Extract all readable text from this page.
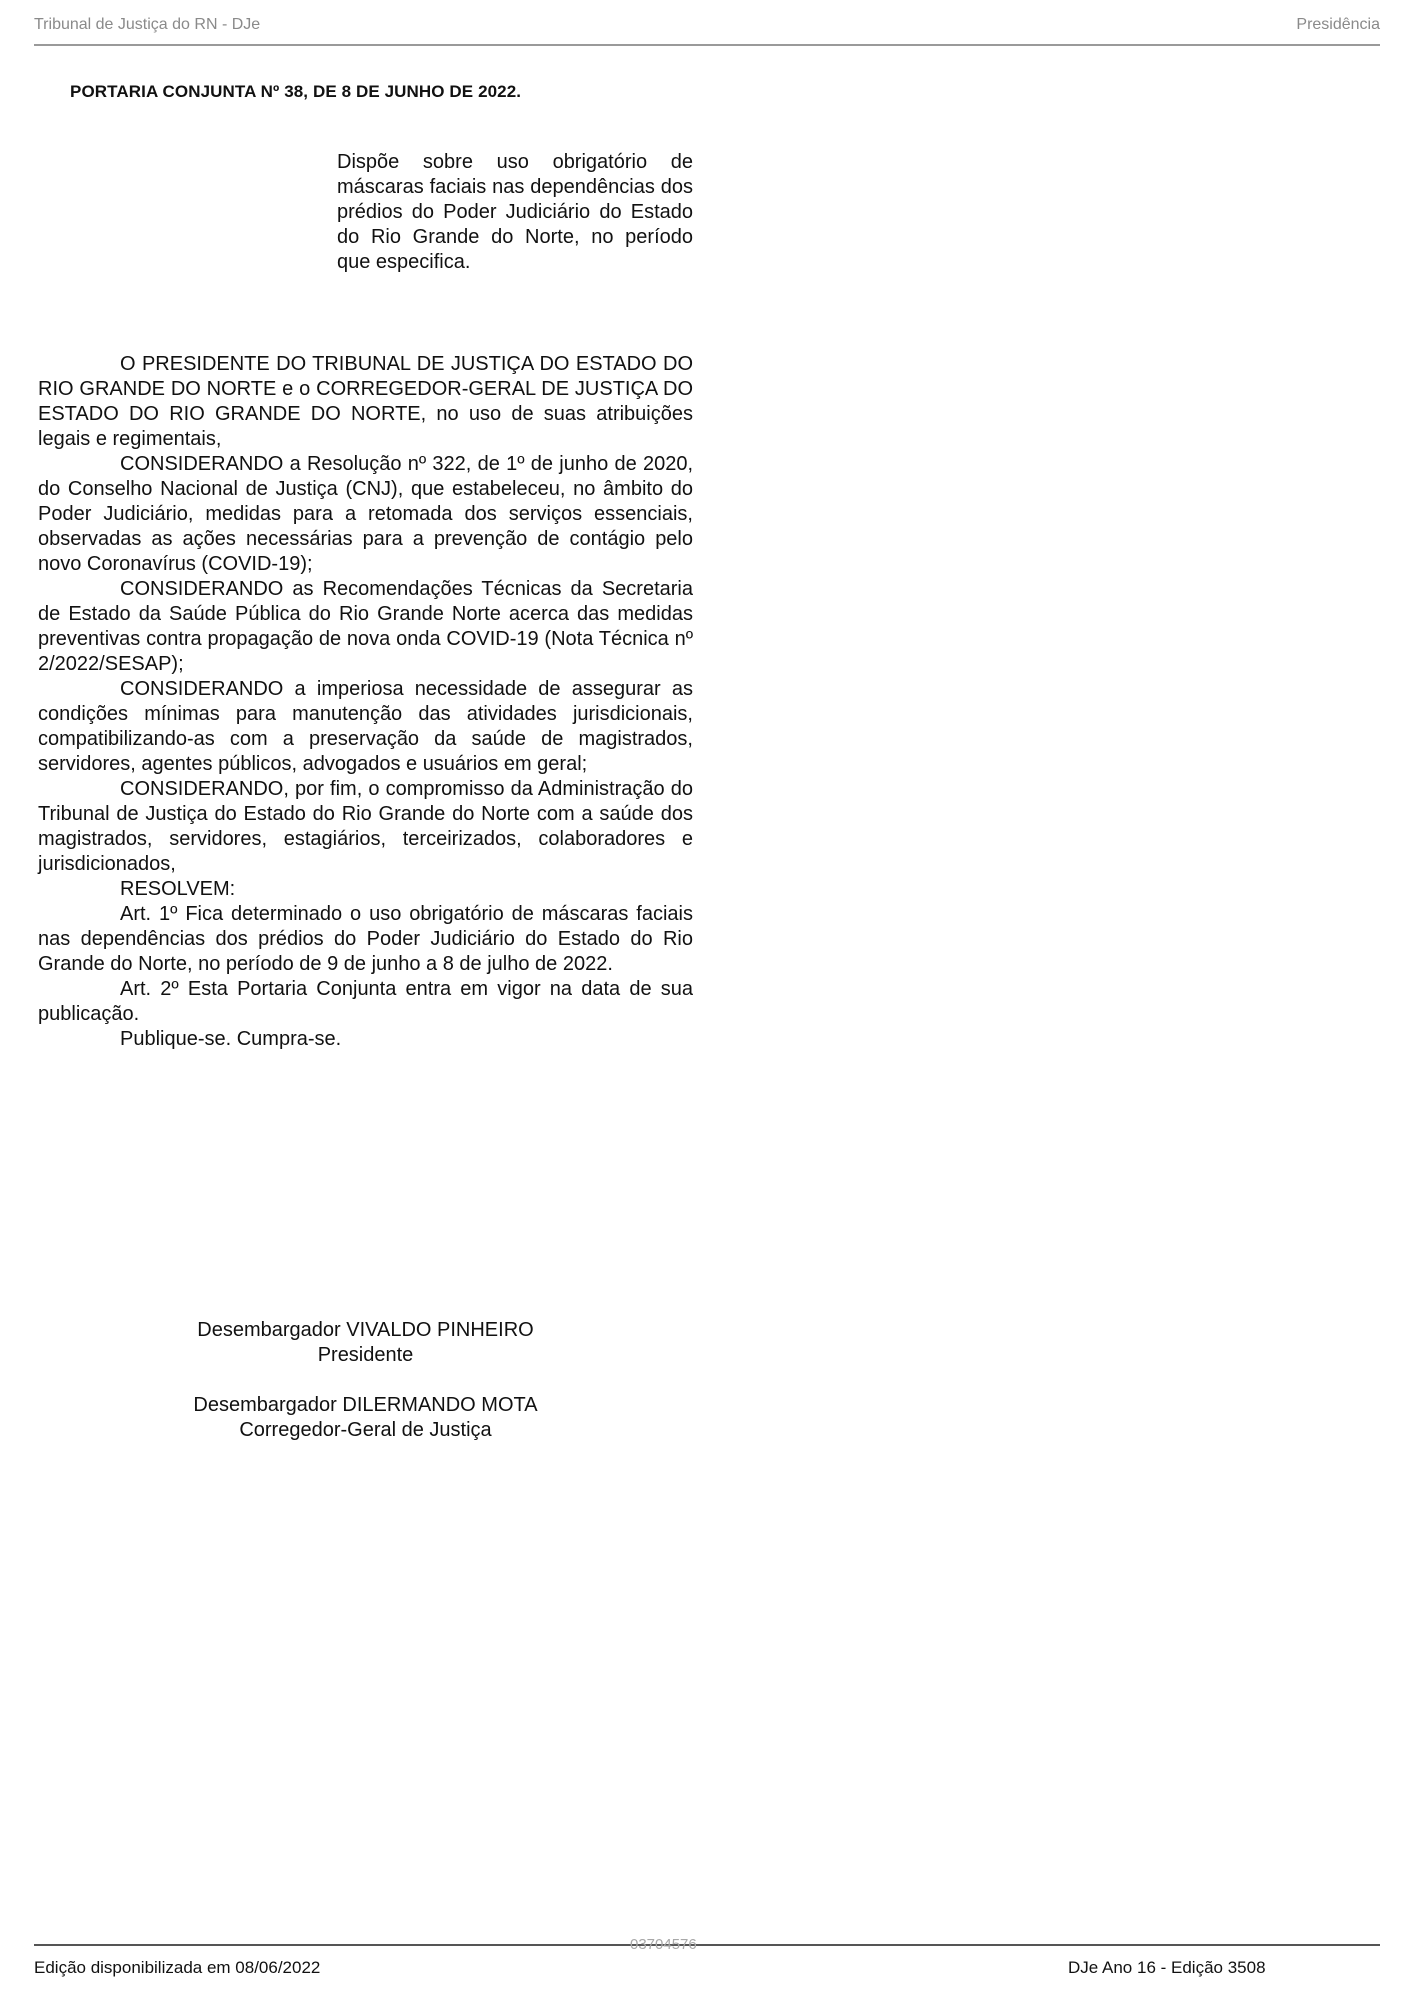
Tribunal de Justiça do RN - DJe	Presidência
PORTARIA CONJUNTA Nº 38, DE 8 DE JUNHO DE 2022.
Dispõe sobre uso obrigatório de máscaras faciais nas dependências dos prédios do Poder Judiciário do Estado do Rio Grande do Norte, no período que especifica.

O PRESIDENTE DO TRIBUNAL DE JUSTIÇA DO ESTADO DO RIO GRANDE DO NORTE e o CORREGEDOR-GERAL DE JUSTIÇA DO ESTADO DO RIO GRANDE DO NORTE, no uso de suas atribuições legais e regimentais,

CONSIDERANDO a Resolução nº 322, de 1º de junho de 2020, do Conselho Nacional de Justiça (CNJ), que estabeleceu, no âmbito do Poder Judiciário, medidas para a retomada dos serviços essenciais, observadas as ações necessárias para a prevenção de contágio pelo novo Coronavírus (COVID-19);

CONSIDERANDO as Recomendações Técnicas da Secretaria de Estado da Saúde Pública do Rio Grande Norte acerca das medidas preventivas contra propagação de nova onda COVID-19 (Nota Técnica nº 2/2022/SESAP);

CONSIDERANDO a imperiosa necessidade de assegurar as condições mínimas para manutenção das atividades jurisdicionais, compatibilizando-as com a preservação da saúde de magistrados, servidores, agentes públicos, advogados e usuários em geral;

CONSIDERANDO, por fim, o compromisso da Administração do Tribunal de Justiça do Estado do Rio Grande do Norte com a saúde dos magistrados, servidores, estagiários, terceirizados, colaboradores e jurisdicionados,

RESOLVEM:

Art. 1º Fica determinado o uso obrigatório de máscaras faciais nas dependências dos prédios do Poder Judiciário do Estado do Rio Grande do Norte, no período de 9 de junho a 8 de julho de 2022.

Art. 2º Esta Portaria Conjunta entra em vigor na data de sua publicação.

Publique-se. Cumpra-se.

Desembargador VIVALDO PINHEIRO
Presidente
Desembargador DILERMANDO MOTA
Corregedor-Geral de Justiça
Edição disponibilizada em 08/06/2022
03704576
DJe Ano 16 - Edição 3508
